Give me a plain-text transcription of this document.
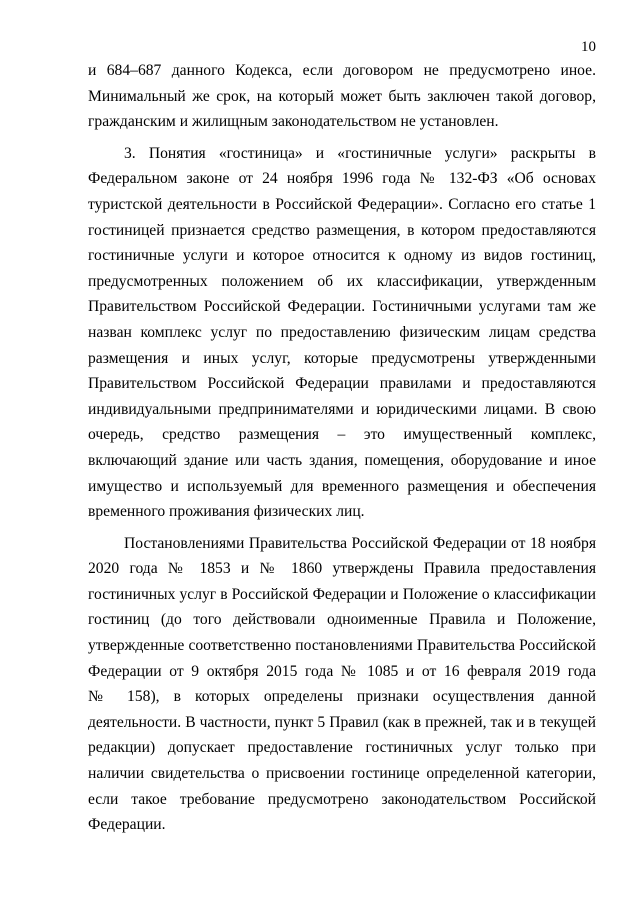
10
и 684–687 данного Кодекса, если договором не предусмотрено иное.
Минимальный же срок, на который может быть заключен такой договор,
гражданским и жилищным законодательством не установлен.
3. Понятия «гостиница» и «гостиничные услуги» раскрыты в
Федеральном законе от 24 ноября 1996 года № 132-ФЗ «Об основах
туристской деятельности в Российской Федерации». Согласно его статье 1
гостиницей признается средство размещения, в котором предоставляются
гостиничные услуги и которое относится к одному из видов гостиниц,
предусмотренных положением об их классификации, утвержденным
Правительством Российской Федерации. Гостиничными услугами там же
назван комплекс услуг по предоставлению физическим лицам средства
размещения и иных услуг, которые предусмотрены утвержденными
Правительством Российской Федерации правилами и предоставляются
индивидуальными предпринимателями и юридическими лицами. В свою
очередь, средство размещения – это имущественный комплекс,
включающий здание или часть здания, помещения, оборудование и иное
имущество и используемый для временного размещения и обеспечения
временного проживания физических лиц.
Постановлениями Правительства Российской Федерации от 18 ноября
2020 года № 1853 и № 1860 утверждены Правила предоставления
гостиничных услуг в Российской Федерации и Положение о классификации
гостиниц (до того действовали одноименные Правила и Положение,
утвержденные соответственно постановлениями Правительства Российской
Федерации от 9 октября 2015 года № 1085 и от 16 февраля 2019 года
№ 158), в которых определены признаки осуществления данной
деятельности. В частности, пункт 5 Правил (как в прежней, так и в текущей
редакции) допускает предоставление гостиничных услуг только при
наличии свидетельства о присвоении гостинице определенной категории,
если такое требование предусмотрено законодательством Российской
Федерации.
